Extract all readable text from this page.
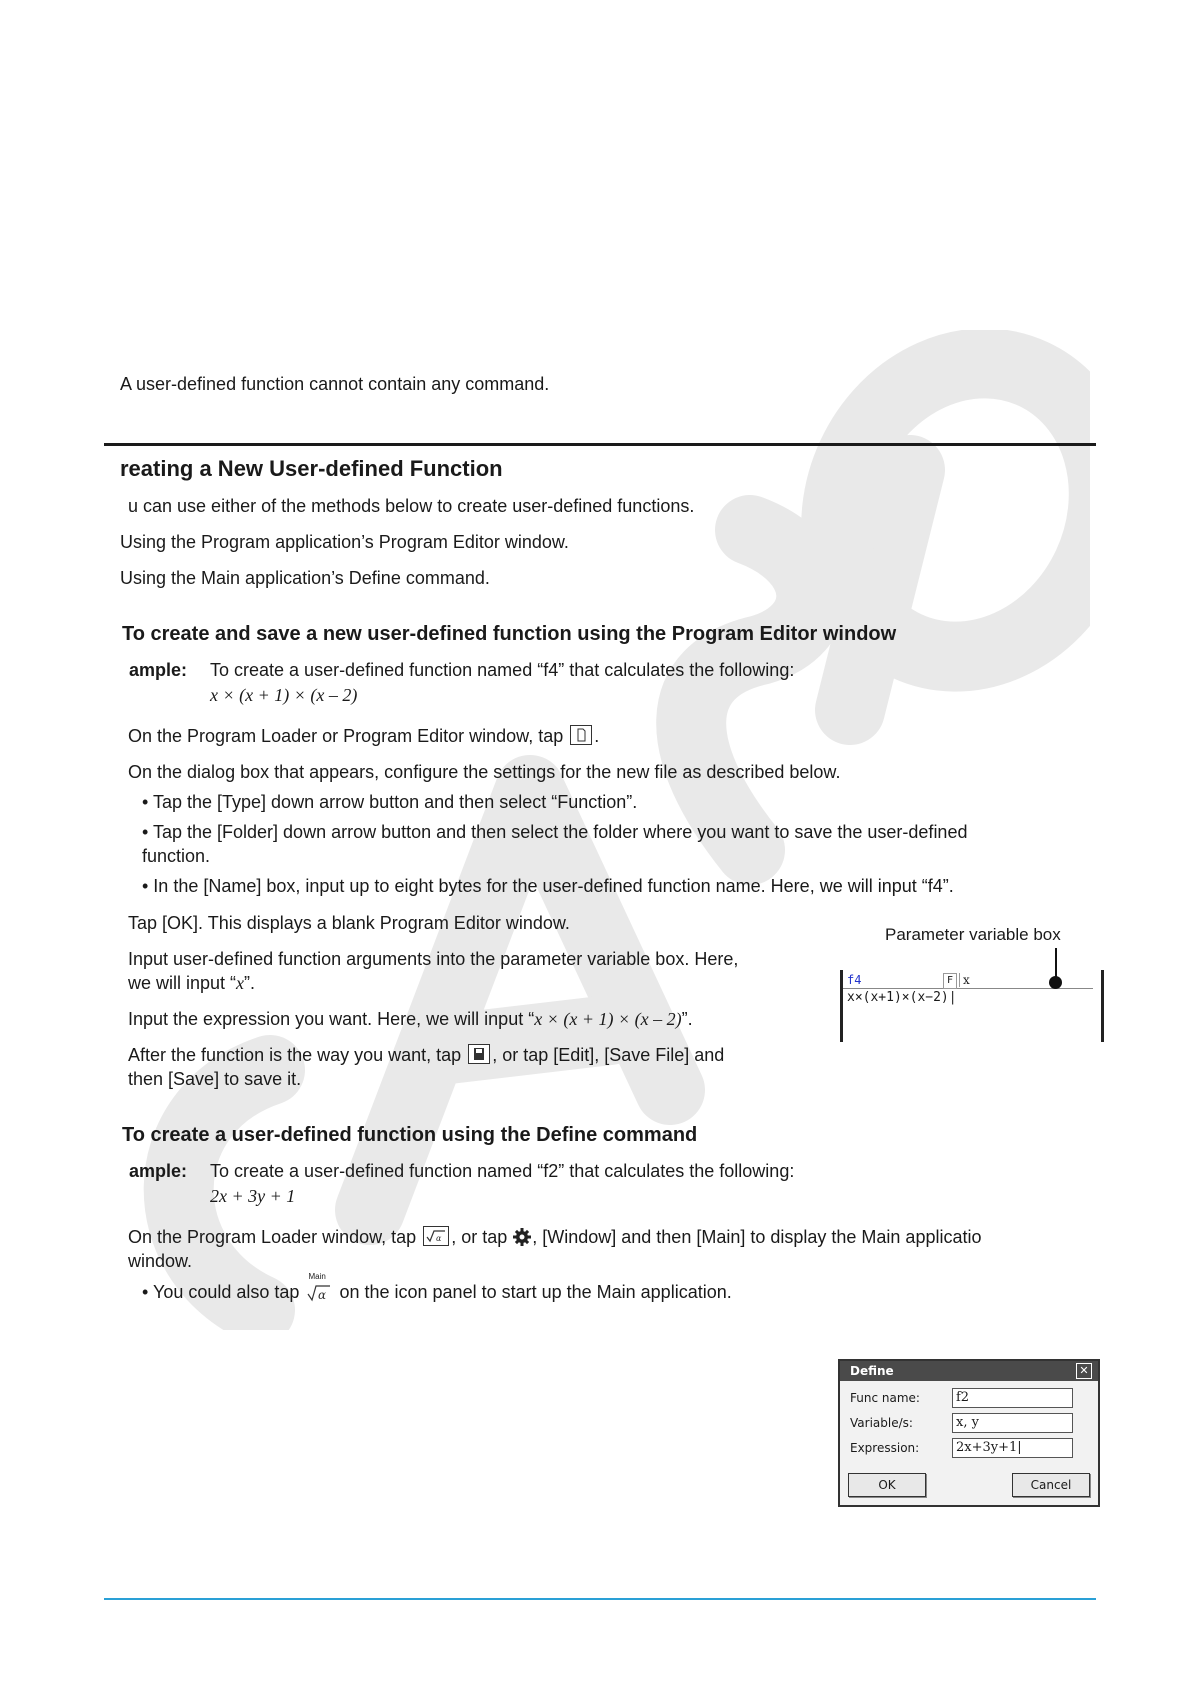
A user-defined function cannot contain any command.
reating a New User-defined Function
u can use either of the methods below to create user-defined functions.
Using the Program application’s Program Editor window.
Using the Main application’s Define command.
To create and save a new user-defined function using the Program Editor window
ample: To create a user-defined function named “f4” that calculates the following:
x × (x + 1) × (x – 2)
On the Program Loader or Program Editor window, tap .
On the dialog box that appears, configure the settings for the new file as described below.
• Tap the [Type] down arrow button and then select “Function”.
• Tap the [Folder] down arrow button and then select the folder where you want to save the user-defined
function.
• In the [Name] box, input up to eight bytes for the user-defined function name. Here, we will input “f4”.
Tap [OK]. This displays a blank Program Editor window.
Input user-defined function arguments into the parameter variable box. Here,
we will input “x”.
Input the expression you want. Here, we will input “x × (x + 1) × (x – 2)”.
After the function is the way you want, tap , or tap [Edit], [Save File] and
then [Save] to save it.
Parameter variable box
f4	F x
x×(x+1)×(x−2)|
To create a user-defined function using the Define command
ample: To create a user-defined function named “f2” that calculates the following:
2x + 3y + 1
On the Program Loader window, tap	α , or tap , [Window] and then [Main] to display the Main applicatio
window.
• You could also tap
Main
α on the icon panel to start up the Main application.
Define	✕
Func name:	f2
Variable/s:	x, y
Expression:	2x+3y+1|
OK	Cancel
